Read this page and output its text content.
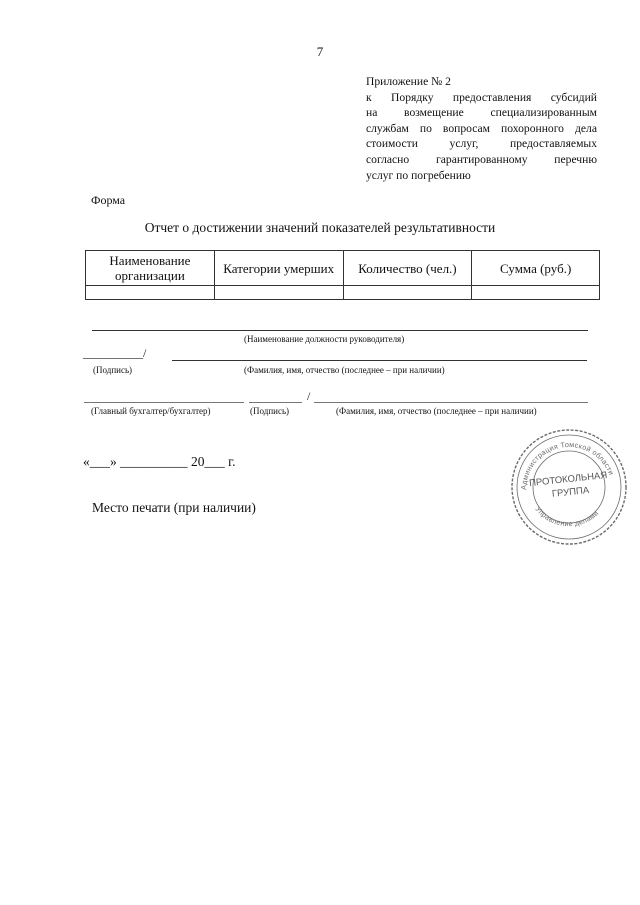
7
Приложение № 2
к Порядку предоставления субсидий
на возмещение специализированным
службам по вопросам похоронного дела
стоимости услуг, предоставляемых
согласно гарантированному перечню
услуг по погребению
Форма
Отчет о достижении значений показателей результативности
Наименование организации	Категории умерших	Количество (чел.)	Сумма (руб.)

(Наименование должности руководителя)
__________/
(Подпись)	(Фамилия, имя, отчество (последнее – при наличии)
/
(Главный бухгалтер/бухгалтер)	(Подпись)	(Фамилия, имя, отчество (последнее – при наличии)
«___» __________ 20___ г.
Место печати (при наличии)
Администрация Томской области
Управление делами
ПРОТОКОЛЬНАЯ
ГРУППА
